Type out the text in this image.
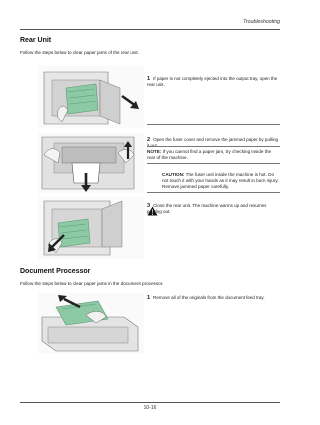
Troubleshooting
Rear Unit
Follow the steps below to clear paper jams of the rear unit.
1 If paper is not completely ejected into the output tray, open the rear unit.
2 Open the fuser cover and remove the jammed paper by pulling it out.
NOTE: If you cannot find a paper jam, try checking inside the rear of the machine.
CAUTION: The fuser unit inside the machine is hot. Do not touch it with your hands as it may result in burn injury. Remove jammed paper carefully.
3 Close the rear unit. The machine warms up and resumes printing out.
Document Processor
Follow the steps below to clear paper jams in the document processor.
1 Remove all of the originals from the document feed tray.
10-16
